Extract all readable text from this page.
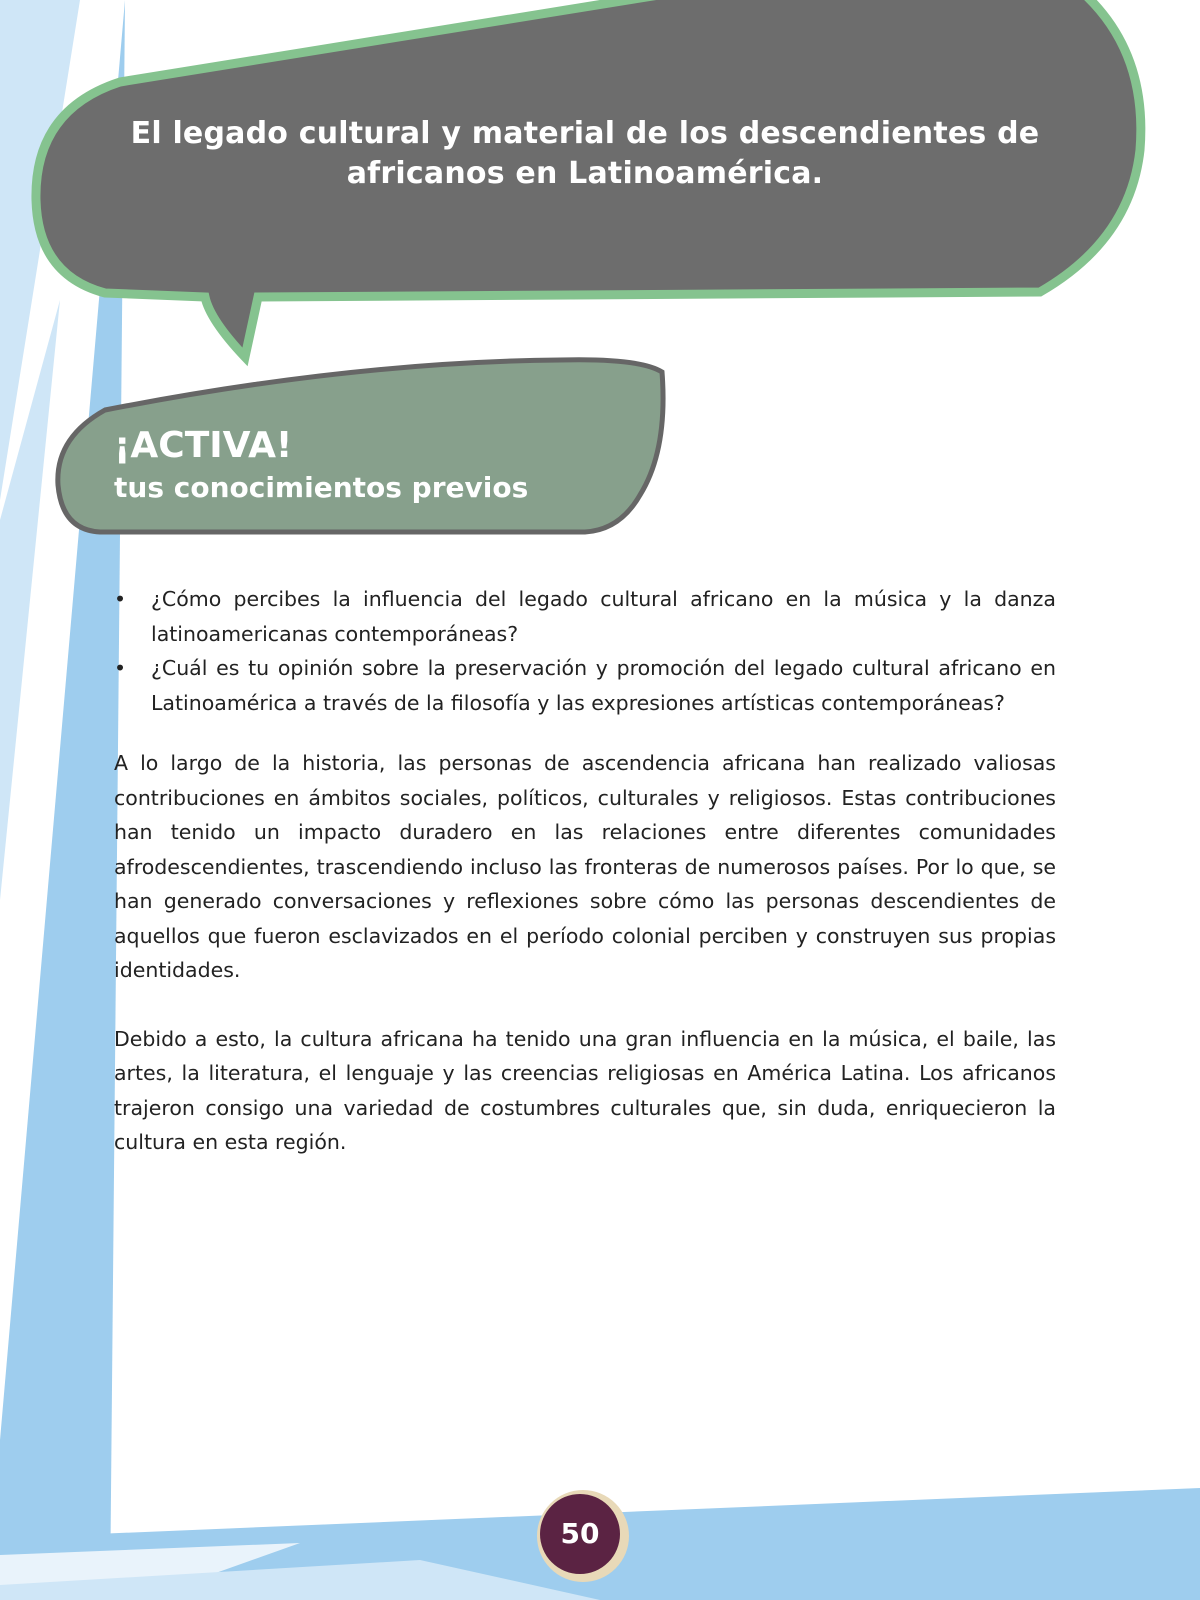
El legado cultural y material de los descendientes de africanos en Latinoamérica.
¡ACTIVA!
tus conocimientos previos
• ¿Cómo percibes la influencia del legado cultural africano en la música y la danza latinoamericanas contemporáneas?
• ¿Cuál es tu opinión sobre la preservación y promoción del legado cultural africano en Latinoamérica a través de la filosofía y las expresiones artísticas contemporáneas?

A lo largo de la historia, las personas de ascendencia africana han realizado valiosas contribuciones en ámbitos sociales, políticos, culturales y religiosos. Estas contribuciones han tenido un impacto duradero en las relaciones entre diferentes comunidades afrodescendientes, trascendiendo incluso las fronteras de numerosos países. Por lo que, se han generado conversaciones y reflexiones sobre cómo las personas descendientes de aquellos que fueron esclavizados en el período colonial perciben y construyen sus propias identidades.

Debido a esto, la cultura africana ha tenido una gran influencia en la música, el baile, las artes, la literatura, el lenguaje y las creencias religiosas en América Latina. Los africanos trajeron consigo una variedad de costumbres culturales que, sin duda, enriquecieron la cultura en esta región.

50
